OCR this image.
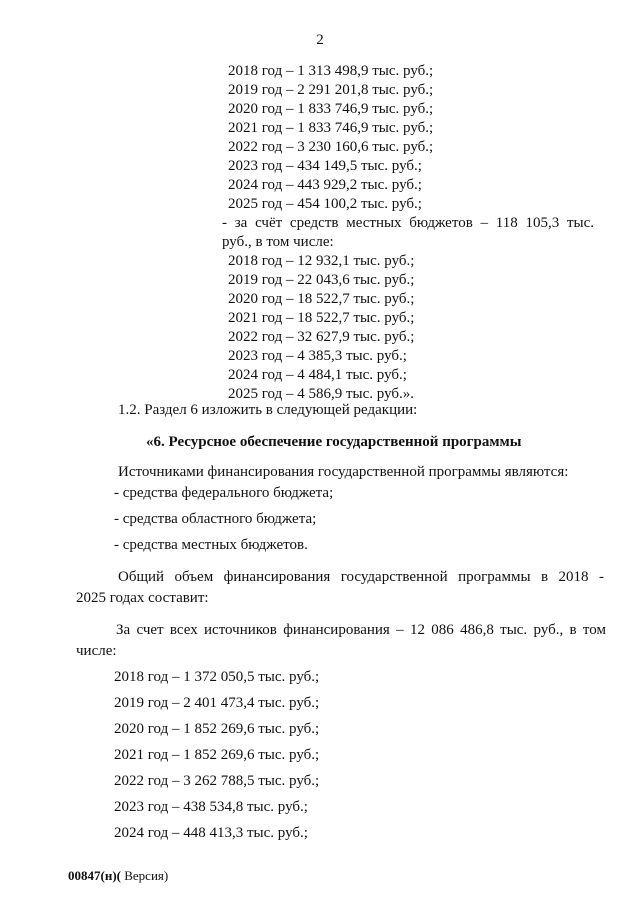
2
2018 год – 1 313 498,9 тыс. руб.;
2019 год – 2 291 201,8 тыс. руб.;
2020 год – 1 833 746,9 тыс. руб.;
2021 год – 1 833 746,9 тыс. руб.;
2022 год – 3 230 160,6 тыс. руб.;
2023 год – 434 149,5 тыс. руб.;
2024 год – 443 929,2 тыс. руб.;
2025 год – 454 100,2 тыс. руб.;
- за счёт средств местных бюджетов – 118 105,3 тыс.
руб., в том числе:
2018 год – 12 932,1 тыс. руб.;
2019 год – 22 043,6 тыс. руб.;
2020 год – 18 522,7 тыс. руб.;
2021 год – 18 522,7 тыс. руб.;
2022 год – 32 627,9 тыс. руб.;
2023 год – 4 385,3 тыс. руб.;
2024 год – 4 484,1 тыс. руб.;
2025 год – 4 586,9 тыс. руб.».
1.2. Раздел 6 изложить в следующей редакции:
«6. Ресурсное обеспечение государственной программы
Источниками финансирования государственной программы являются:
- средства федерального бюджета;
- средства областного бюджета;
- средства местных бюджетов.
Общий объем финансирования государственной программы в 2018 -
2025 годах составит:
За счет всех источников финансирования – 12 086 486,8 тыс. руб., в том
числе:
2018 год – 1 372 050,5 тыс. руб.;
2019 год – 2 401 473,4 тыс. руб.;
2020 год – 1 852 269,6 тыс. руб.;
2021 год – 1 852 269,6 тыс. руб.;
2022 год – 3 262 788,5 тыс. руб.;
2023 год – 438 534,8 тыс. руб.;
2024 год – 448 413,3 тыс. руб.;
00847(н)( Версия)
